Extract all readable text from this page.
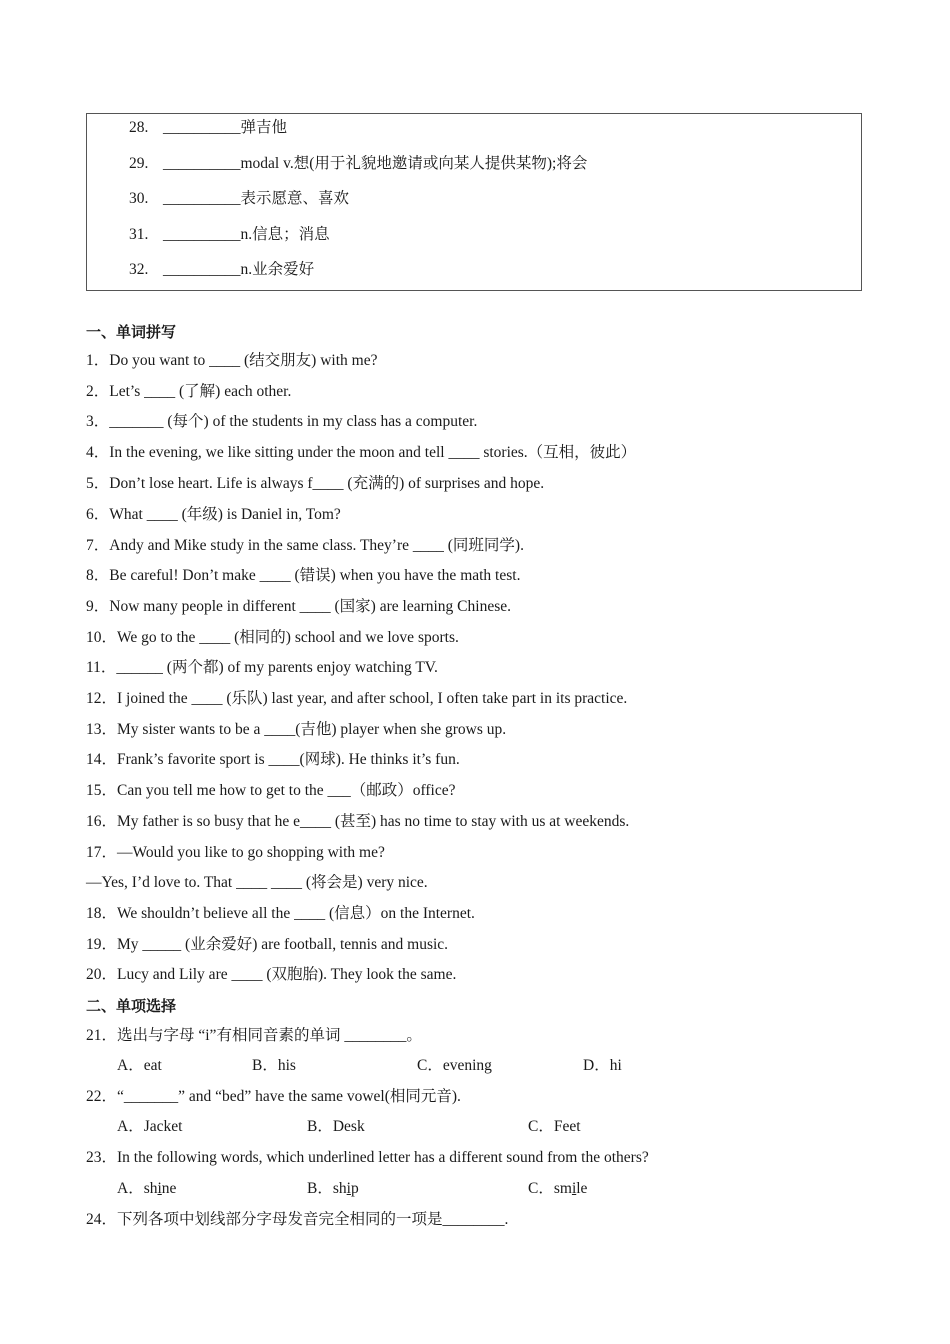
28. __________弹吉他
29. __________modal v.想(用于礼貌地邀请或向某人提供某物);将会
30. __________表示愿意、喜欢
31. __________n.信息；消息
32. __________n.业余爱好
一、单词拼写
1．Do you want to ____ (结交朋友) with me?
2．Let’s ____ (了解) each other.
3．_______ (每个) of the students in my class has a computer.
4．In the evening, we like sitting under the moon and tell ____ stories.（互相，彼此）
5．Don’t lose heart. Life is always f____ (充满的) of surprises and hope.
6．What ____ (年级) is Daniel in, Tom?
7．Andy and Mike study in the same class. They’re ____ (同班同学).
8．Be careful! Don’t make ____ (错误) when you have the math test.
9．Now many people in different ____ (国家) are learning Chinese.
10．We go to the ____ (相同的) school and we love sports.
11．______ (两个都) of my parents enjoy watching TV.
12．I joined the ____ (乐队) last year, and after school, I often take part in its practice.
13．My sister wants to be a ____(吉他) player when she grows up.
14．Frank’s favorite sport is ____(网球). He thinks it’s fun.
15．Can you tell me how to get to the ___（邮政）office?
16．My father is so busy that he e____ (甚至) has no time to stay with us at weekends.
17．—Would you like to go shopping with me?
—Yes, I’d love to. That ____ ____ (将会是) very nice.
18．We shouldn’t believe all the ____ (信息）on the Internet.
19．My _____ (业余爱好) are football, tennis and music.
20．Lucy and Lily are ____ (双胞胎). They look the same.
二、单项选择
21．选出与字母 “i”有相同音素的单词 ________。
A．eat	B．his	C．evening	D．hi
22．“_______” and “bed” have the same vowel(相同元音).
A．Jacket	B．Desk	C．Feet
23．In the following words, which underlined letter has a different sound from the others?
A．shine	B．ship	C．smile
24．下列各项中划线部分字母发音完全相同的一项是________.
